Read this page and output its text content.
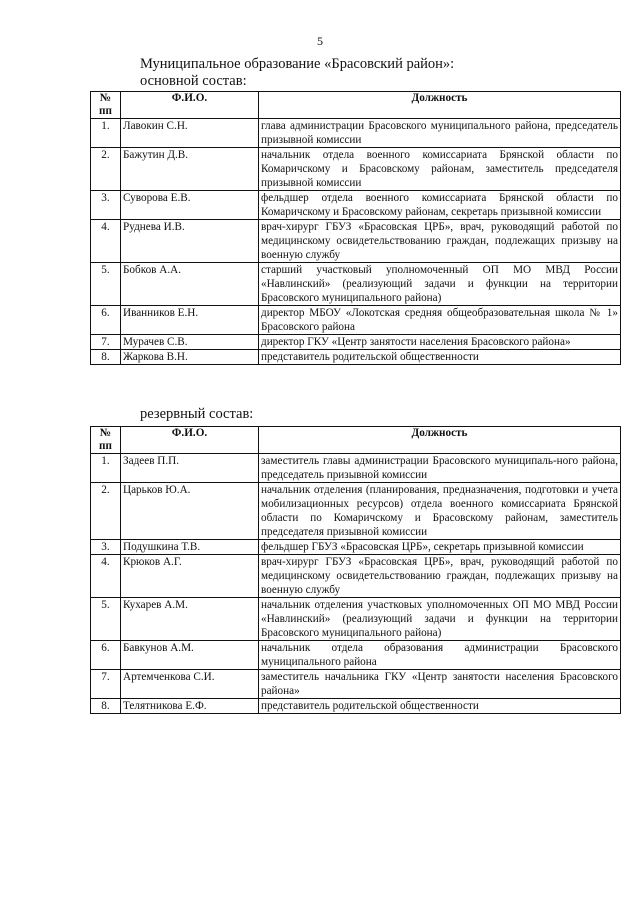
5
Муниципальное образование «Брасовский район»:
основной состав:
№ пп	Ф.И.О.	Должность
1.	Лавокин С.Н.	глава администрации Брасовского муниципального района, председатель призывной комиссии
2.	Бажутин Д.В.	начальник отдела военного комиссариата Брянской области по Комаричскому и Брасовскому районам, заместитель председателя призывной комиссии
3.	Суворова Е.В.	фельдшер отдела военного комиссариата Брянской области по Комаричскому и Брасовскому районам, секретарь призывной комиссии
4.	Руднева И.В.	врач-хирург ГБУЗ «Брасовская ЦРБ», врач, руководящий работой по медицинскому освидетельствованию граждан, подлежащих призыву на военную службу
5.	Бобков А.А.	старший участковый уполномоченный ОП МО МВД России «Навлинский» (реализующий задачи и функции на территории Брасовского муниципального района)
6.	Иванников Е.Н.	директор МБОУ «Локотская средняя общеобразовательная школа № 1» Брасовского района
7.	Мурачев С.В.	директор ГКУ «Центр занятости населения Брасовского района»
8.	Жаркова В.Н.	представитель родительской общественности
резервный состав:
№ пп	Ф.И.О.	Должность
1.	Задеев П.П.	заместитель главы администрации Брасовского муниципаль-ного района, председатель призывной комиссии
2.	Царьков Ю.А.	начальник отделения (планирования, предназначения, подготовки и учета мобилизационных ресурсов) отдела военного комиссариата Брянской области по Комаричскому и Брасовскому районам, заместитель председателя призывной комиссии
3.	Подушкина Т.В.	фельдшер ГБУЗ «Брасовская ЦРБ», секретарь призывной комиссии
4.	Крюков А.Г.	врач-хирург ГБУЗ «Брасовская ЦРБ», врач, руководящий работой по медицинскому освидетельствованию граждан, подлежащих призыву на военную службу
5.	Кухарев А.М.	начальник отделения участковых уполномоченных ОП МО МВД России «Навлинский» (реализующий задачи и функции на территории Брасовского муниципального района)
6.	Бавкунов А.М.	начальник отдела образования администрации Брасовского муниципального района
7.	Артемченкова С.И.	заместитель начальника ГКУ «Центр занятости населения Брасовского района»
8.	Телятникова Е.Ф.	представитель родительской общественности
